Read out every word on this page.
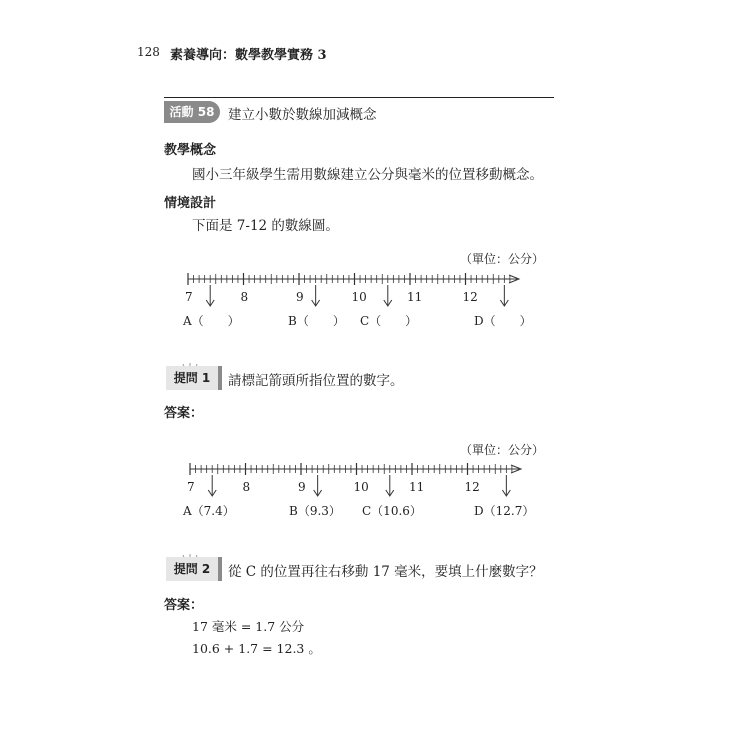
128 素養導向：數學教學實務 3
活動 58	建立小數於數線加減概念
教學概念
國小三年級學生需用數線建立公分與毫米的位置移動概念。
情境設計
下面是 7-12 的數線圖。
（單位：公分）
7	8	9	10	11	12
A（　　）	B（　　） C（　　）	D（　　）
提問 1	請標記箭頭所指位置的數字。
答案：
（單位：公分）
7	8	9	10	11	12
A（7.4）	B（9.3） C（10.6）	D（12.7）
提問 2	從 C 的位置再往右移動 17 毫米，要填上什麼數字？
答案：
17 毫米 = 1.7 公分
10.6 + 1.7 = 12.3 。
